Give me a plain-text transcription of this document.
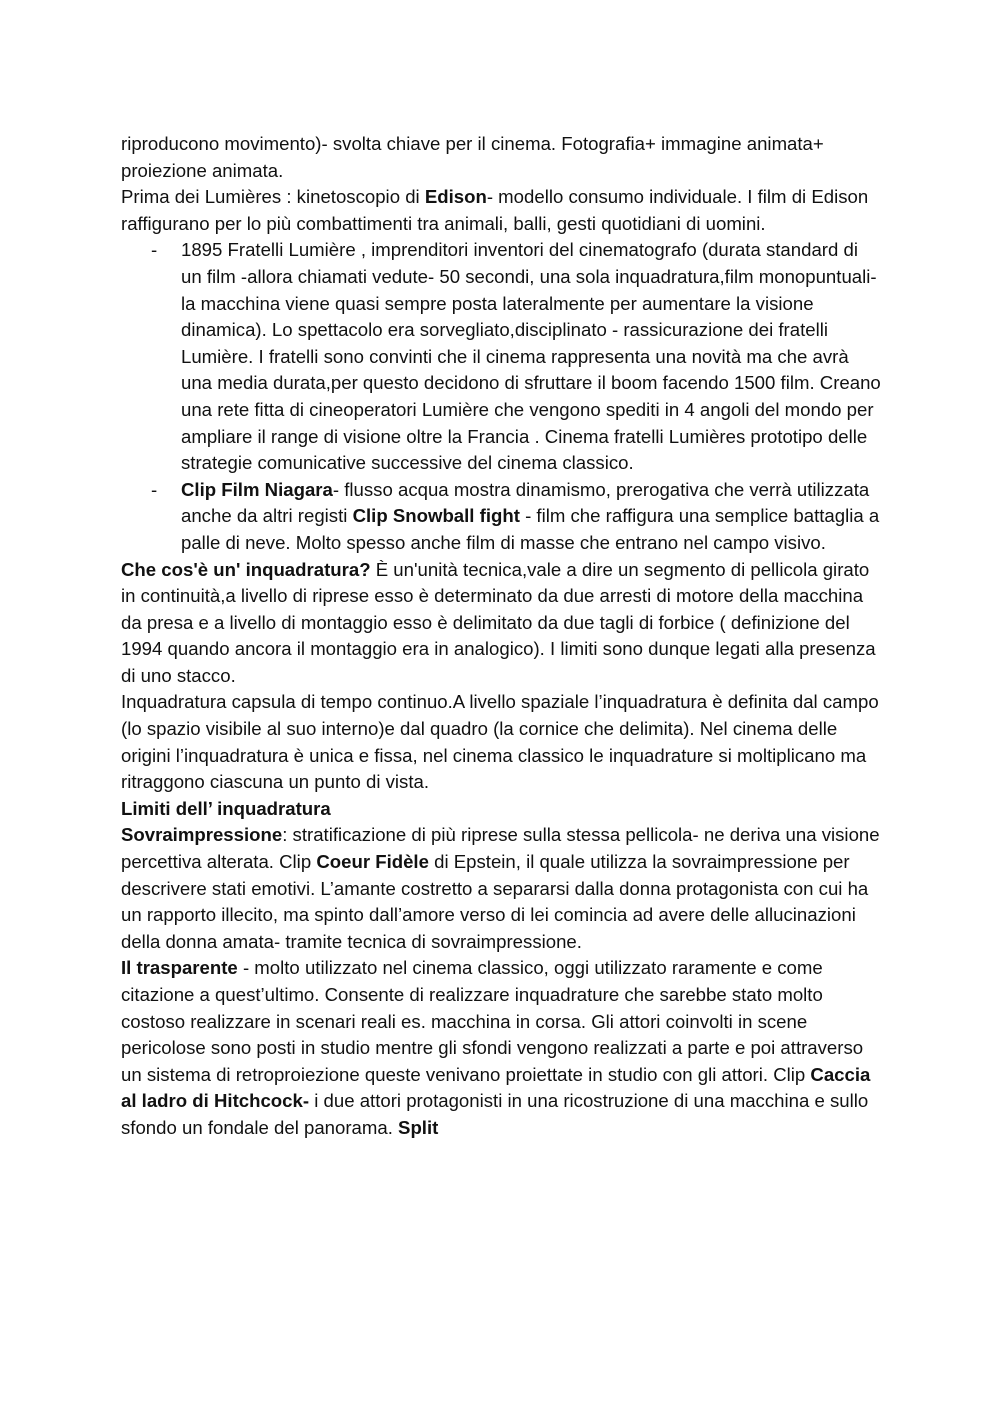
riproducono movimento)- svolta chiave per il cinema. Fotografia+ immagine animata+ proiezione animata.

Prima dei Lumières : kinetoscopio di Edison- modello consumo individuale. I film di Edison raffigurano per lo più combattimenti tra animali, balli, gesti quotidiani di uomini.

- 1895 Fratelli Lumière , imprenditori inventori del cinematografo (durata standard di un film -allora chiamati vedute- 50 secondi, una sola inquadratura,film monopuntuali- la macchina viene quasi sempre posta lateralmente per aumentare la visione dinamica). Lo spettacolo era sorvegliato,disciplinato - rassicurazione dei fratelli Lumière. I fratelli sono convinti che il cinema rappresenta una novità ma che avrà una media durata,per questo decidono di sfruttare il boom facendo 1500 film. Creano una rete fitta di cineoperatori Lumière che vengono spediti in 4 angoli del mondo per ampliare il range di visione oltre la Francia . Cinema fratelli Lumières prototipo delle strategie comunicative successive del cinema classico.
- Clip Film Niagara- flusso acqua mostra dinamismo, prerogativa che verrà utilizzata anche da altri registi Clip Snowball fight - film che raffigura una semplice battaglia a palle di neve. Molto spesso anche film di masse che entrano nel campo visivo.

Che cos'è un' inquadratura? È un'unità tecnica,vale a dire un segmento di pellicola girato in continuità,a livello di riprese esso è determinato da due arresti di motore della macchina da presa e a livello di montaggio esso è delimitato da due tagli di forbice ( definizione del 1994 quando ancora il montaggio era in analogico). I limiti sono dunque legati alla presenza di uno stacco.

Inquadratura capsula di tempo continuo.A livello spaziale l’inquadratura è definita dal campo (lo spazio visibile al suo interno)e dal quadro (la cornice che delimita). Nel cinema delle origini l’inquadratura è unica e fissa, nel cinema classico le inquadrature si moltiplicano ma ritraggono ciascuna un punto di vista.

Limiti dell’ inquadratura

Sovraimpressione: stratificazione di più riprese sulla stessa pellicola- ne deriva una visione percettiva alterata. Clip Coeur Fidèle di Epstein, il quale utilizza la sovraimpressione per descrivere stati emotivi. L’amante costretto a separarsi dalla donna protagonista con cui ha un rapporto illecito, ma spinto dall’amore verso di lei comincia ad avere delle allucinazioni della donna amata- tramite tecnica di sovraimpressione.

Il trasparente - molto utilizzato nel cinema classico, oggi utilizzato raramente e come citazione a quest’ultimo. Consente di realizzare inquadrature che sarebbe stato molto costoso realizzare in scenari reali es. macchina in corsa. Gli attori coinvolti in scene pericolose sono posti in studio mentre gli sfondi vengono realizzati a parte e poi attraverso un sistema di retroproiezione queste venivano proiettate in studio con gli attori. Clip Caccia al ladro di Hitchcock- i due attori protagonisti in una ricostruzione di una macchina e sullo sfondo un fondale del panorama. Split
